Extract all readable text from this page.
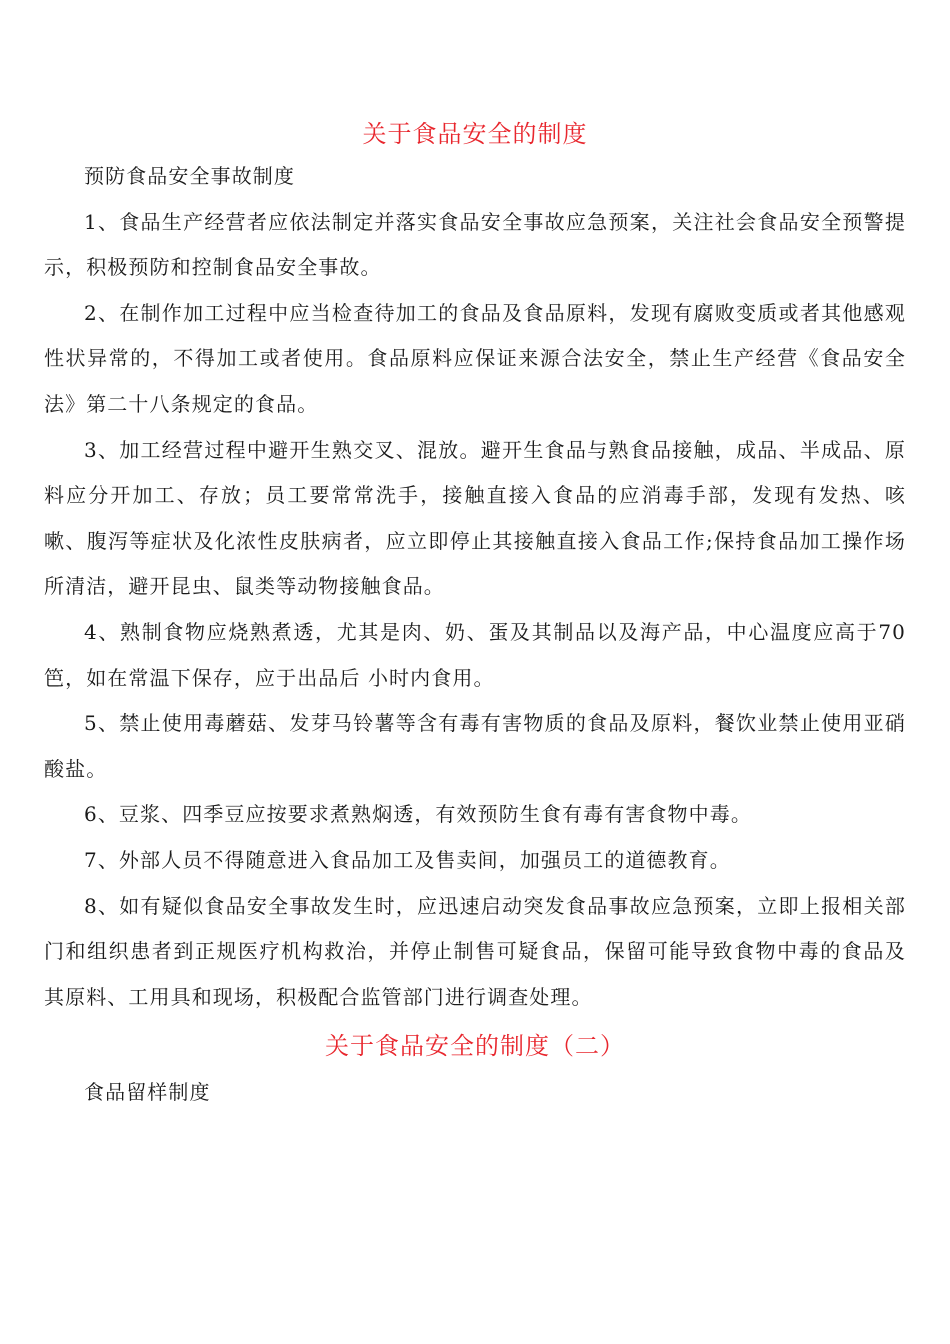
关于食品安全的制度

预防食品安全事故制度

1、食品生产经营者应依法制定并落实食品安全事故应急预案，关注社会食品安全预警提示，积极预防和控制食品安全事故。

2、在制作加工过程中应当检查待加工的食品及食品原料，发现有腐败变质或者其他感观性状异常的，不得加工或者使用。食品原料应保证来源合法安全，禁止生产经营《食品安全法》第二十八条规定的食品。

3、加工经营过程中避开生熟交叉、混放。避开生食品与熟食品接触，成品、半成品、原料应分开加工、存放；员工要常常洗手，接触直接入食品的应消毒手部，发现有发热、咳嗽、腹泻等症状及化浓性皮肤病者，应立即停止其接触直接入食品工作;保持食品加工操作场所清洁，避开昆虫、鼠类等动物接触食品。

4、熟制食物应烧熟煮透，尤其是肉、奶、蛋及其制品以及海产品，中心温度应高于70笆，如在常温下保存，应于出品后 小时内食用。

5、禁止使用毒蘑菇、发芽马铃薯等含有毒有害物质的食品及原料，餐饮业禁止使用亚硝酸盐。

6、豆浆、四季豆应按要求煮熟焖透，有效预防生食有毒有害食物中毒。

7、外部人员不得随意进入食品加工及售卖间，加强员工的道德教育。

8、如有疑似食品安全事故发生时，应迅速启动突发食品事故应急预案，立即上报相关部门和组织患者到正规医疗机构救治，并停止制售可疑食品，保留可能导致食物中毒的食品及其原料、工用具和现场，积极配合监管部门进行调查处理。

关于食品安全的制度（二）

食品留样制度
